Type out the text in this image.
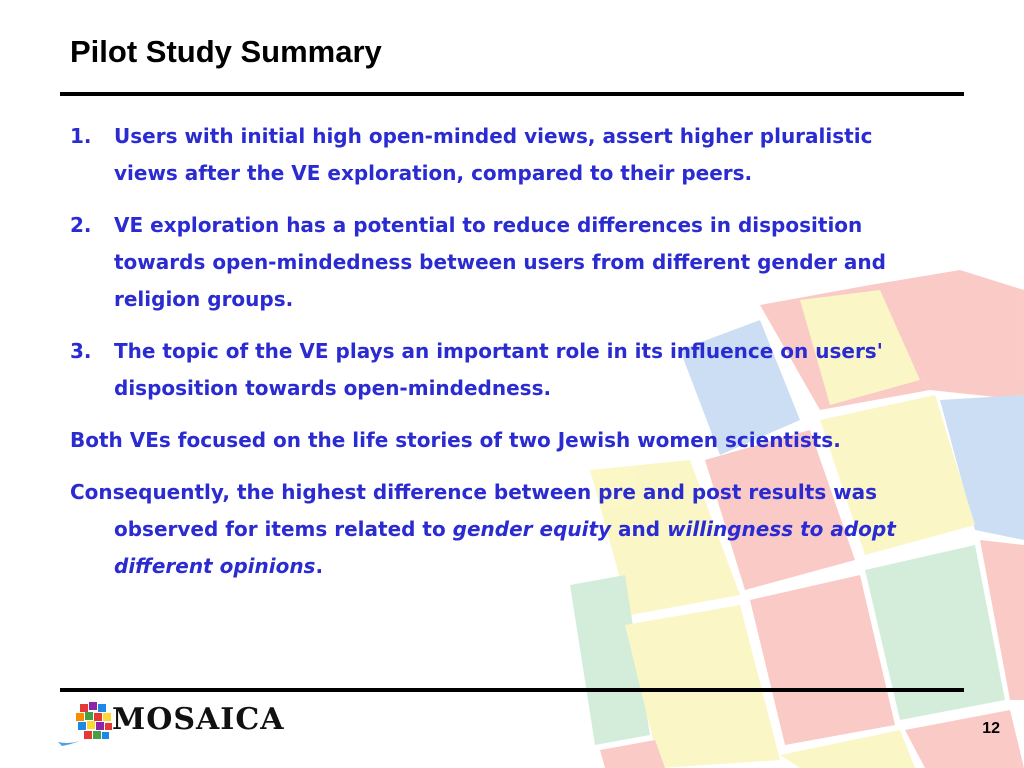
Pilot Study Summary
1. Users with initial high open-minded views, assert higher pluralistic views after the VE exploration, compared to their peers.
2. VE exploration has a potential to reduce differences in disposition towards open-mindedness between users from different gender and religion groups.
3. The topic of the VE plays an important role in its influence on users' disposition towards open-mindedness.
Both VEs focused on the life stories of two Jewish women scientists.
Consequently, the highest difference between pre and post results was observed for items related to gender equity and willingness to adopt different opinions.
MOSAICA	12
